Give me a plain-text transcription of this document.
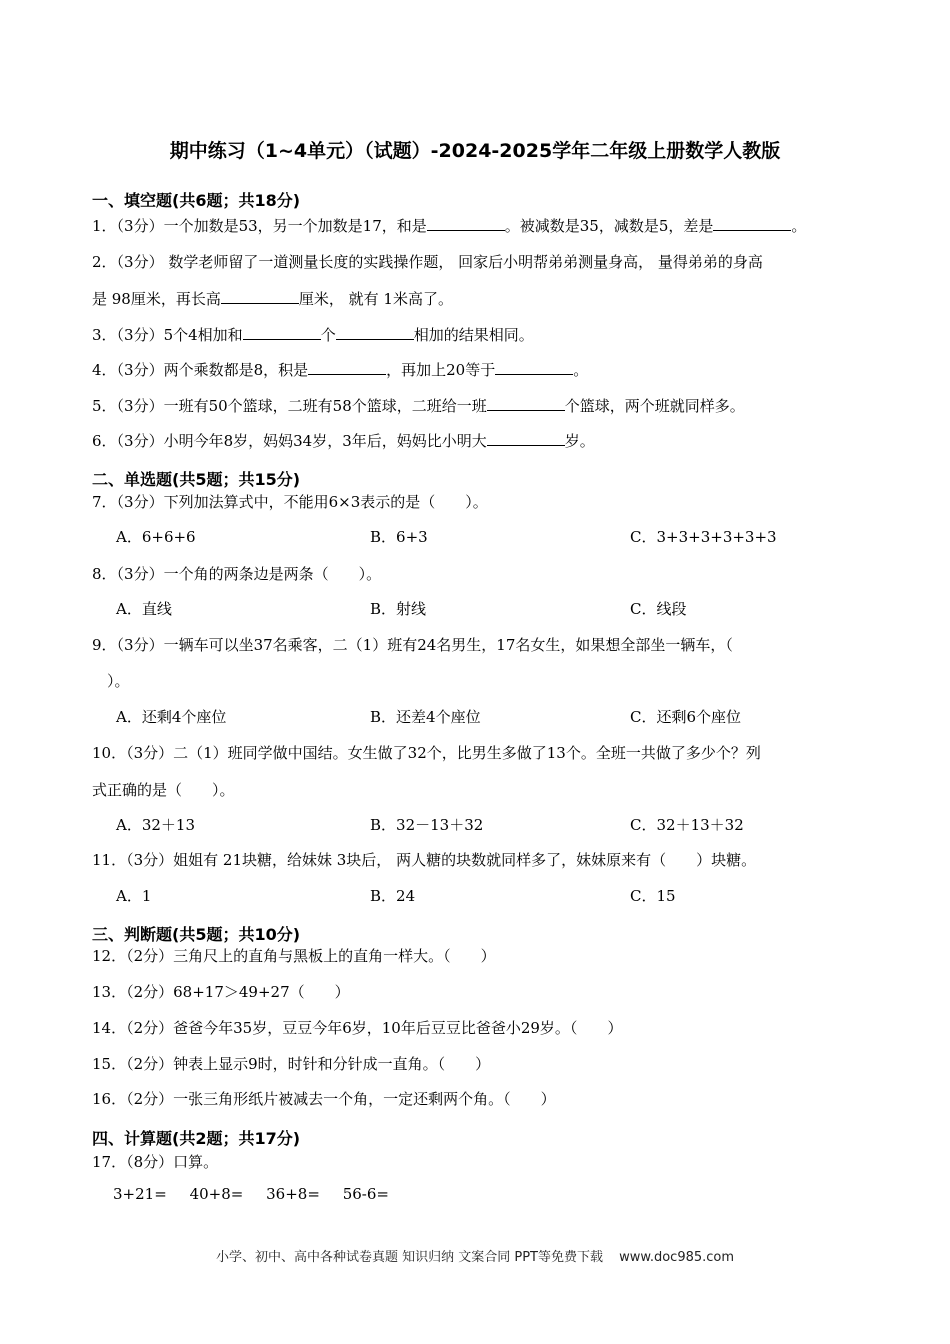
期中练习（1~4单元）（试题）-2024-2025学年二年级上册数学人教版
一、填空题(共6题；共18分)
1．（3分）一个加数是53，另一个加数是17，和是	。被减数是35，减数是5，差是	。
2．（3分） 数学老师留了一道测量长度的实践操作题， 回家后小明帮弟弟测量身高， 量得弟弟的身高
是 98厘米，再长高	厘米， 就有 1米高了。
3．（3分）5个4相加和	个	相加的结果相同。
4．（3分）两个乘数都是8，积是	，再加上20等于	。
5．（3分）一班有50个篮球，二班有58个篮球，二班给一班	个篮球，两个班就同样多。
6．（3分）小明今年8岁，妈妈34岁，3年后，妈妈比小明大	岁。
二、单选题(共5题；共15分)
7．（3分）下列加法算式中，不能用6×3表示的是（　　）。
A．6+6+6	B．6+3	C．3+3+3+3+3+3
8．（3分）一个角的两条边是两条（　　）。
A．直线	B．射线	C．线段
9．（3分）一辆车可以坐37名乘客，二（1）班有24名男生，17名女生，如果想全部坐一辆车，（
　）。
A．还剩4个座位	B．还差4个座位	C．还剩6个座位
10．（3分）二（1）班同学做中国结。女生做了32个，比男生多做了13个。全班一共做了多少个？列
式正确的是（　　）。
A．32＋13	B．32－13＋32	C．32＋13＋32
11．（3分）姐姐有 21块糖，给妹妹 3块后， 两人糖的块数就同样多了，妹妹原来有（　　）块糖。
A．1	B．24	C．15
三、判断题(共5题；共10分)
12．（2分）三角尺上的直角与黑板上的直角一样大。（　　）
13．（2分）68+17＞49+27（　　）
14．（2分）爸爸今年35岁，豆豆今年6岁，10年后豆豆比爸爸小29岁。（　　）
15．（2分）钟表上显示9时，时针和分针成一直角。（　　）
16．（2分）一张三角形纸片被减去一个角，一定还剩两个角。（　　）
四、计算题(共2题；共17分)
17．（8分）口算。
3+21= 40+8= 36+8= 56-6=
小学、初中、高中各种试卷真题 知识归纳 文案合同 PPT等免费下载 www.doc985.com
